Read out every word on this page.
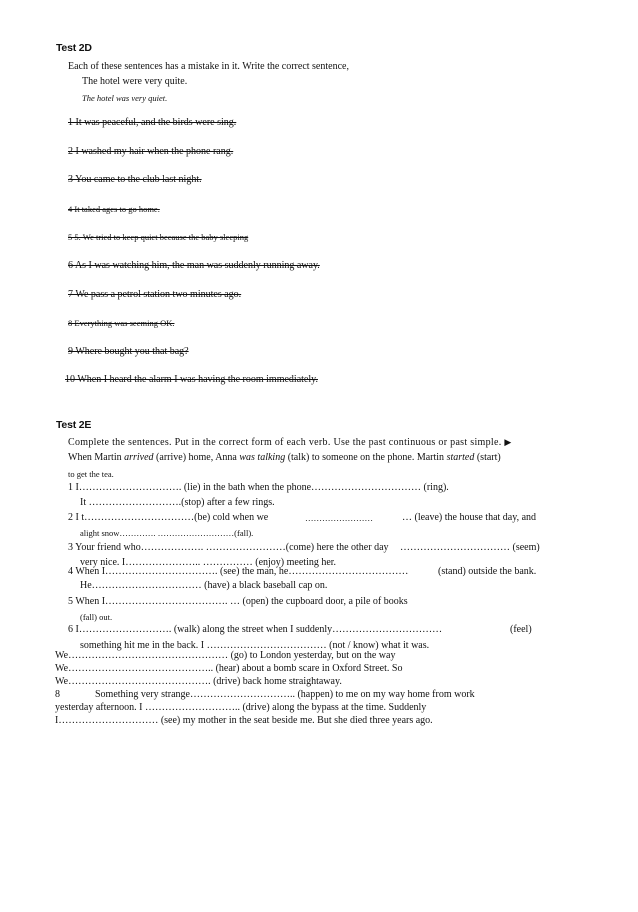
Test 2D
Each of these sentences has a mistake in it. Write the correct sentence,
The hotel were very quite.
The hotel was very quiet.
1 It was peaceful, and the birds were sing.
2 I washed my hair when the phone rang.
3 You came to the club last night.
4 It taked ages to go home.
5 5. We tried to keep quiet because the baby sleeping
6 As I was watching him, the man was suddenly running away.
7 We pass a petrol station two minutes ago.
8 Everything was seeming OK.
9 Where bought you that bag?
10 When I heard the alarm I was having the room immediately.
Test 2E
Complete the sentences. Put in the correct form of each verb. Use the past continuous or past simple. ▶
When Martin arrived (arrive) home, Anna was talking (talk) to someone on the phone. Martin started (start)
to get the tea.
1 I…………………………. (lie) in the bath when the phone…………………………… (ring).
It ……………………….(stop) after a few rings.
2 I t……………………………(be) cold when we	……………………	… (leave) the house that day, and
alight snow…………. ………………………(fall).
3 Your friend who………………. ……………………(come) here the other day …………………………… (seem)
very nice. I………………….. …………… (enjoy) meeting her.
4 When I……………………………. (see) the man, he………………………………	(stand) outside the bank.
He…………………………… (have) a black baseball cap on.
5 When I………………………………. … (open) the cupboard door, a pile of books
(fall) out.
6 I………………………. (walk) along the street when I suddenly……………………………	(feel)
something hit me in the back. I ……………………………… (not / know) what it was.
We………………………………………… (go) to London yesterday, but on the way
We…………………………………….. (hear) about a bomb scare in Oxford Street. So
We……………………………………. (drive) back home straightaway.
8	Something very strange………………………….. (happen) to me on my way home from work
yesterday afternoon. I ……………………….. (drive) along the bypass at the time. Suddenly
I………………………… (see) my mother in the seat beside me. But she died three years ago.
